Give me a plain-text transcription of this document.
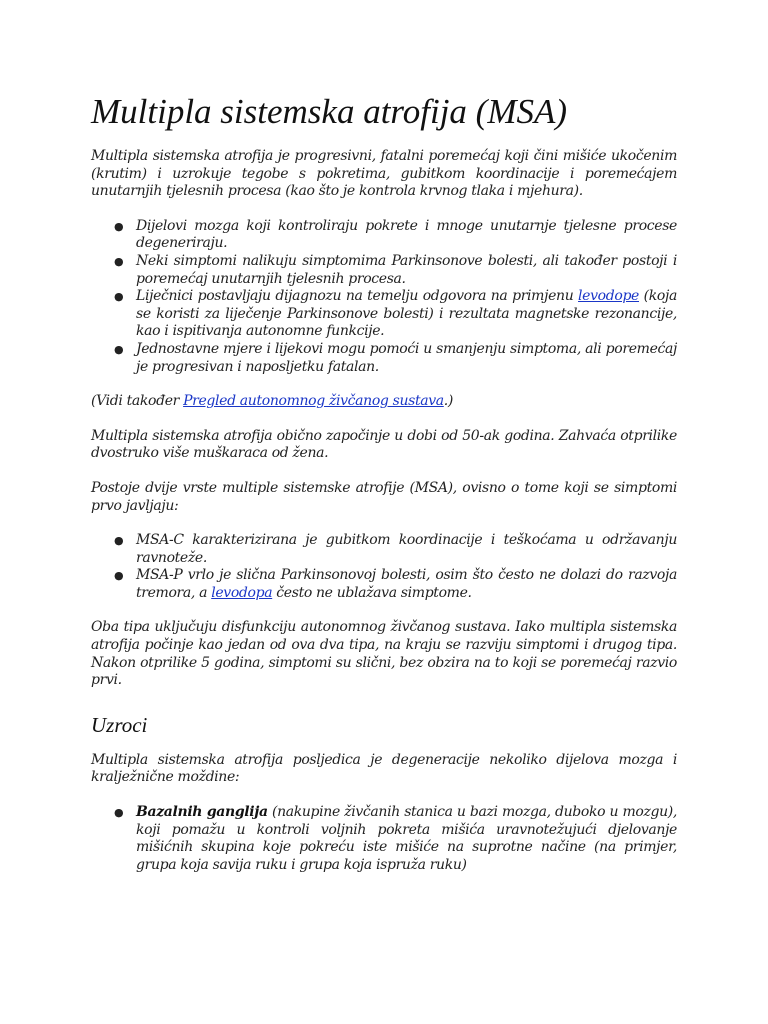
Multipla sistemska atrofija (MSA)

Multipla sistemska atrofija je progresivni, fatalni poremećaj koji čini mišiće ukočenim (krutim) i uzrokuje tegobe s pokretima, gubitkom koordinacije i poremećajem unutarnjih tjelesnih procesa (kao što je kontrola krvnog tlaka i mjehura).

● Dijelovi mozga koji kontroliraju pokrete i mnoge unutarnje tjelesne procese degeneriraju.
● Neki simptomi nalikuju simptomima Parkinsonove bolesti, ali također postoji i poremećaj unutarnjih tjelesnih procesa.
● Liječnici postavljaju dijagnozu na temelju odgovora na primjenu levodope (koja se koristi za liječenje Parkinsonove bolesti) i rezultata magnetske rezonancije, kao i ispitivanja autonomne funkcije.
● Jednostavne mjere i lijekovi mogu pomoći u smanjenju simptoma, ali poremećaj je progresivan i naposljetku fatalan.

(Vidi također Pregled autonomnog živčanog sustava.)

Multipla sistemska atrofija obično započinje u dobi od 50-ak godina. Zahvaća otprilike dvostruko više muškaraca od žena.

Postoje dvije vrste multiple sistemske atrofije (MSA), ovisno o tome koji se simptomi prvo javljaju:

● MSA-C karakterizirana je gubitkom koordinacije i teškoćama u održavanju ravnoteže.
● MSA-P vrlo je slična Parkinsonovoj bolesti, osim što često ne dolazi do razvoja tremora, a levodopa često ne ublažava simptome.

Oba tipa uključuju disfunkciju autonomnog živčanog sustava. Iako multipla sistemska atrofija počinje kao jedan od ova dva tipa, na kraju se razviju simptomi i drugog tipa. Nakon otprilike 5 godina, simptomi su slični, bez obzira na to koji se poremećaj razvio prvi.

Uzroci

Multipla sistemska atrofija posljedica je degeneracije nekoliko dijelova mozga i kralježnične moždine:

● Bazalnih ganglija (nakupine živčanih stanica u bazi mozga, duboko u mozgu), koji pomažu u kontroli voljnih pokreta mišića uravnotežujući djelovanje mišićnih skupina koje pokreću iste mišiće na suprotne načine (na primjer, grupa koja savija ruku i grupa koja ispruža ruku)
